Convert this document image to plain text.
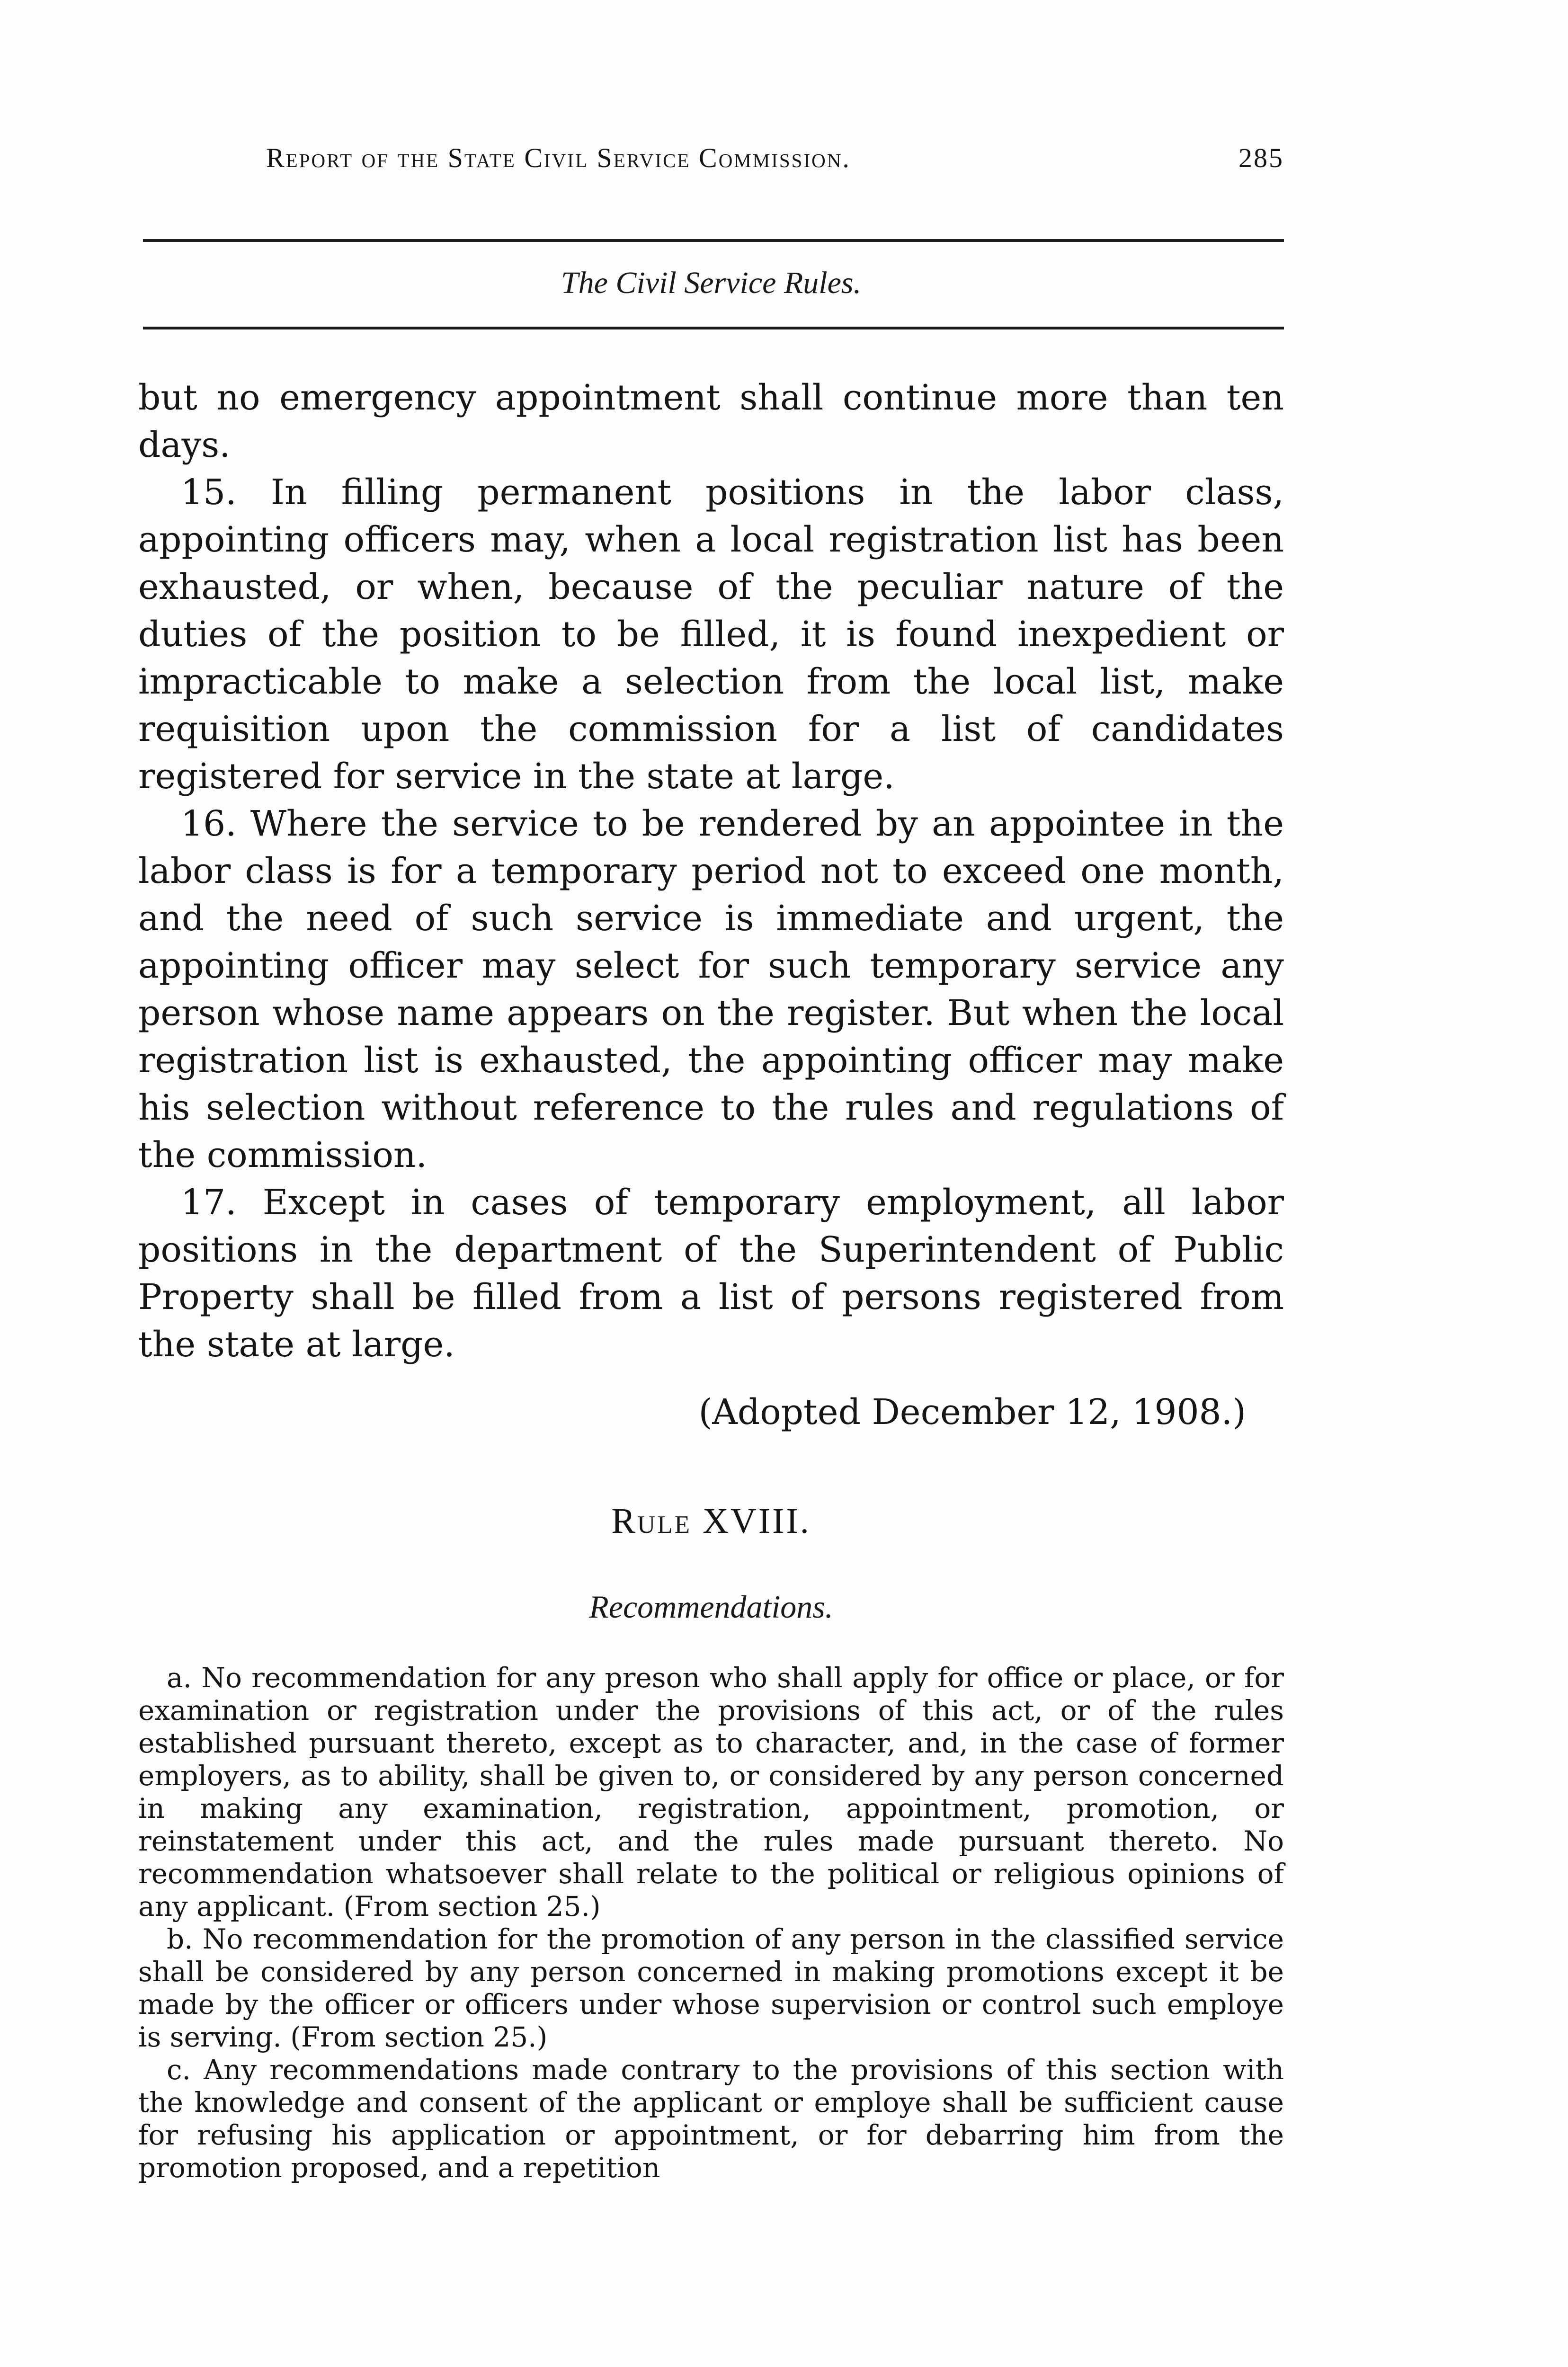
Report of the State Civil Service Commission.	285
The Civil Service Rules.

but no emergency appointment shall continue more than ten days.

15. In filling permanent positions in the labor class, appointing officers may, when a local registration list has been exhausted, or when, because of the peculiar nature of the duties of the position to be filled, it is found inexpedient or impracticable to make a selection from the local list, make requisition upon the commission for a list of candidates registered for service in the state at large.

16. Where the service to be rendered by an appointee in the labor class is for a temporary period not to exceed one month, and the need of such service is immediate and urgent, the appointing officer may select for such temporary service any person whose name appears on the register. But when the local registration list is exhausted, the appointing officer may make his selection without reference to the rules and regulations of the commission.

17. Except in cases of temporary employment, all labor positions in the department of the Superintendent of Public Property shall be filled from a list of persons registered from the state at large.

(Adopted December 12, 1908.)
Rule XVIII.
Recommendations.

a. No recommendation for any preson who shall apply for office or place, or for examination or registration under the provisions of this act, or of the rules established pursuant thereto, except as to character, and, in the case of former employers, as to ability, shall be given to, or considered by any person concerned in making any examination, registration, appointment, promotion, or reinstatement under this act, and the rules made pursuant thereto. No recommendation whatsoever shall relate to the political or religious opinions of any applicant. (From section 25.)

b. No recommendation for the promotion of any person in the classified service shall be considered by any person concerned in making promotions except it be made by the officer or officers under whose supervision or control such employe is serving. (From section 25.)

c. Any recommendations made contrary to the provisions of this section with the knowledge and consent of the applicant or employe shall be sufficient cause for refusing his application or appointment, or for debarring him from the promotion proposed, and a repetition
